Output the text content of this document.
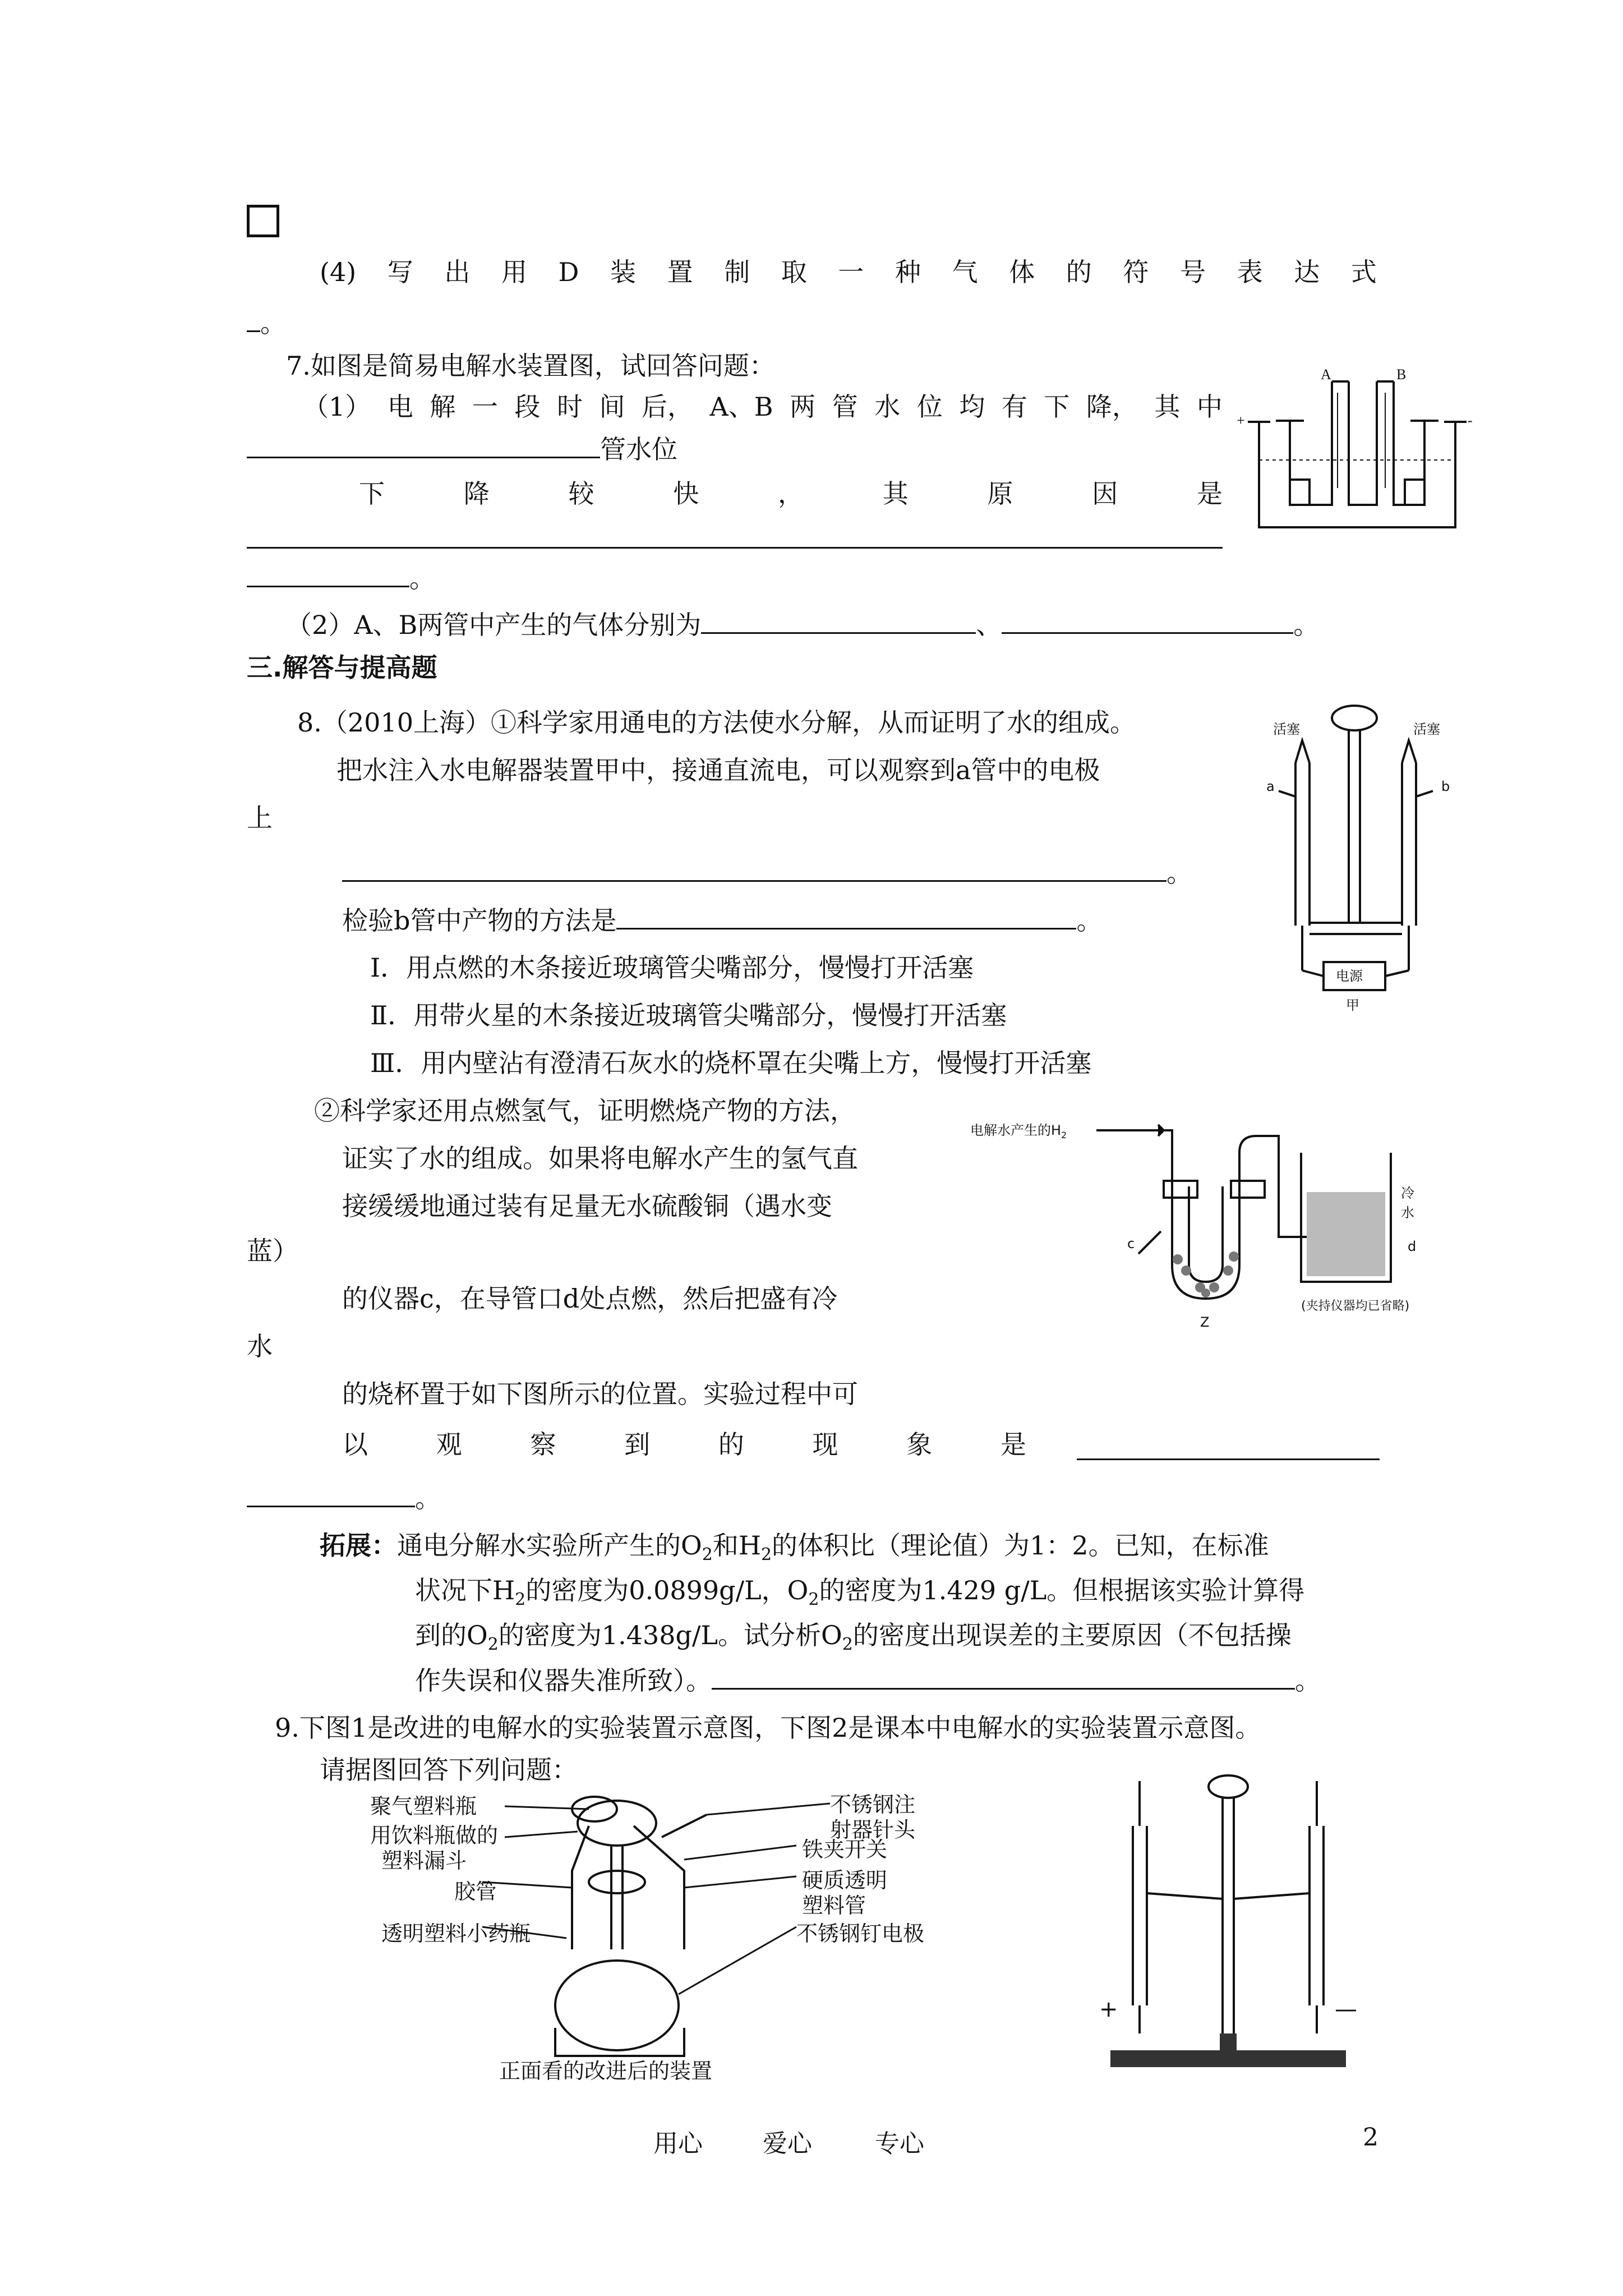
(4) 写 出 用 D 装 置 制 取 一 种 气 体 的 符 号 表 达 式
。
7.如图是简易电解水装置图，试回答问题：
（1） 电 解 一 段 时 间 后， A、B 两 管 水 位 均 有 下 降， 其 中
管水位
下	降	较	快	，	其	原	因	是
。
（2）A、B两管中产生的气体分别为	、	。
A	B
+	-
三.解答与提高题
8.（2010上海）①科学家用通电的方法使水分解，从而证明了水的组成。
把水注入水电解器装置甲中，接通直流电，可以观察到a管中的电极
上
。
检验b管中产物的方法是	。
Ⅰ．用点燃的木条接近玻璃管尖嘴部分，慢慢打开活塞
Ⅱ．用带火星的木条接近玻璃管尖嘴部分，慢慢打开活塞
Ⅲ．用内壁沾有澄清石灰水的烧杯罩在尖嘴上方，慢慢打开活塞
活塞	活塞
a	b
电源
甲
②科学家还用点燃氢气，证明燃烧产物的方法，
证实了水的组成。如果将电解水产生的氢气直
接缓缓地通过装有足量无水硫酸铜（遇水变
蓝）
的仪器c，在导管口d处点燃，然后把盛有冷
水
的烧杯置于如下图所示的位置。实验过程中可
以	观	察	到	的	现	象	是
。
电解水产生的$H_2$
冷
水
c	d
(夹持仪器均已省略)
Z
拓展：通电分解水实验所产生的$O_2$和$H_2$的体积比（理论值）为1：2。已知，在标准
状况下$H_2$的密度为0.0899g/L，$O_2$的密度为1.429 g/L。但根据该实验计算得
到的$O_2$的密度为1.438g/L。试分析$O_2$的密度出现误差的主要原因（不包括操
作失误和仪器失准所致）。	。
9.下图1是改进的电解水的实验装置示意图，下图2是课本中电解水的实验装置示意图。
请据图回答下列问题：
聚气塑料瓶
用饮料瓶做的
塑料漏斗
胶管
透明塑料小药瓶
不锈钢注
射器针头
铁夹开关
硬质透明
塑料管
不锈钢钉电极
正面看的改进后的装置
+	—
用心 爱心	专心	2
